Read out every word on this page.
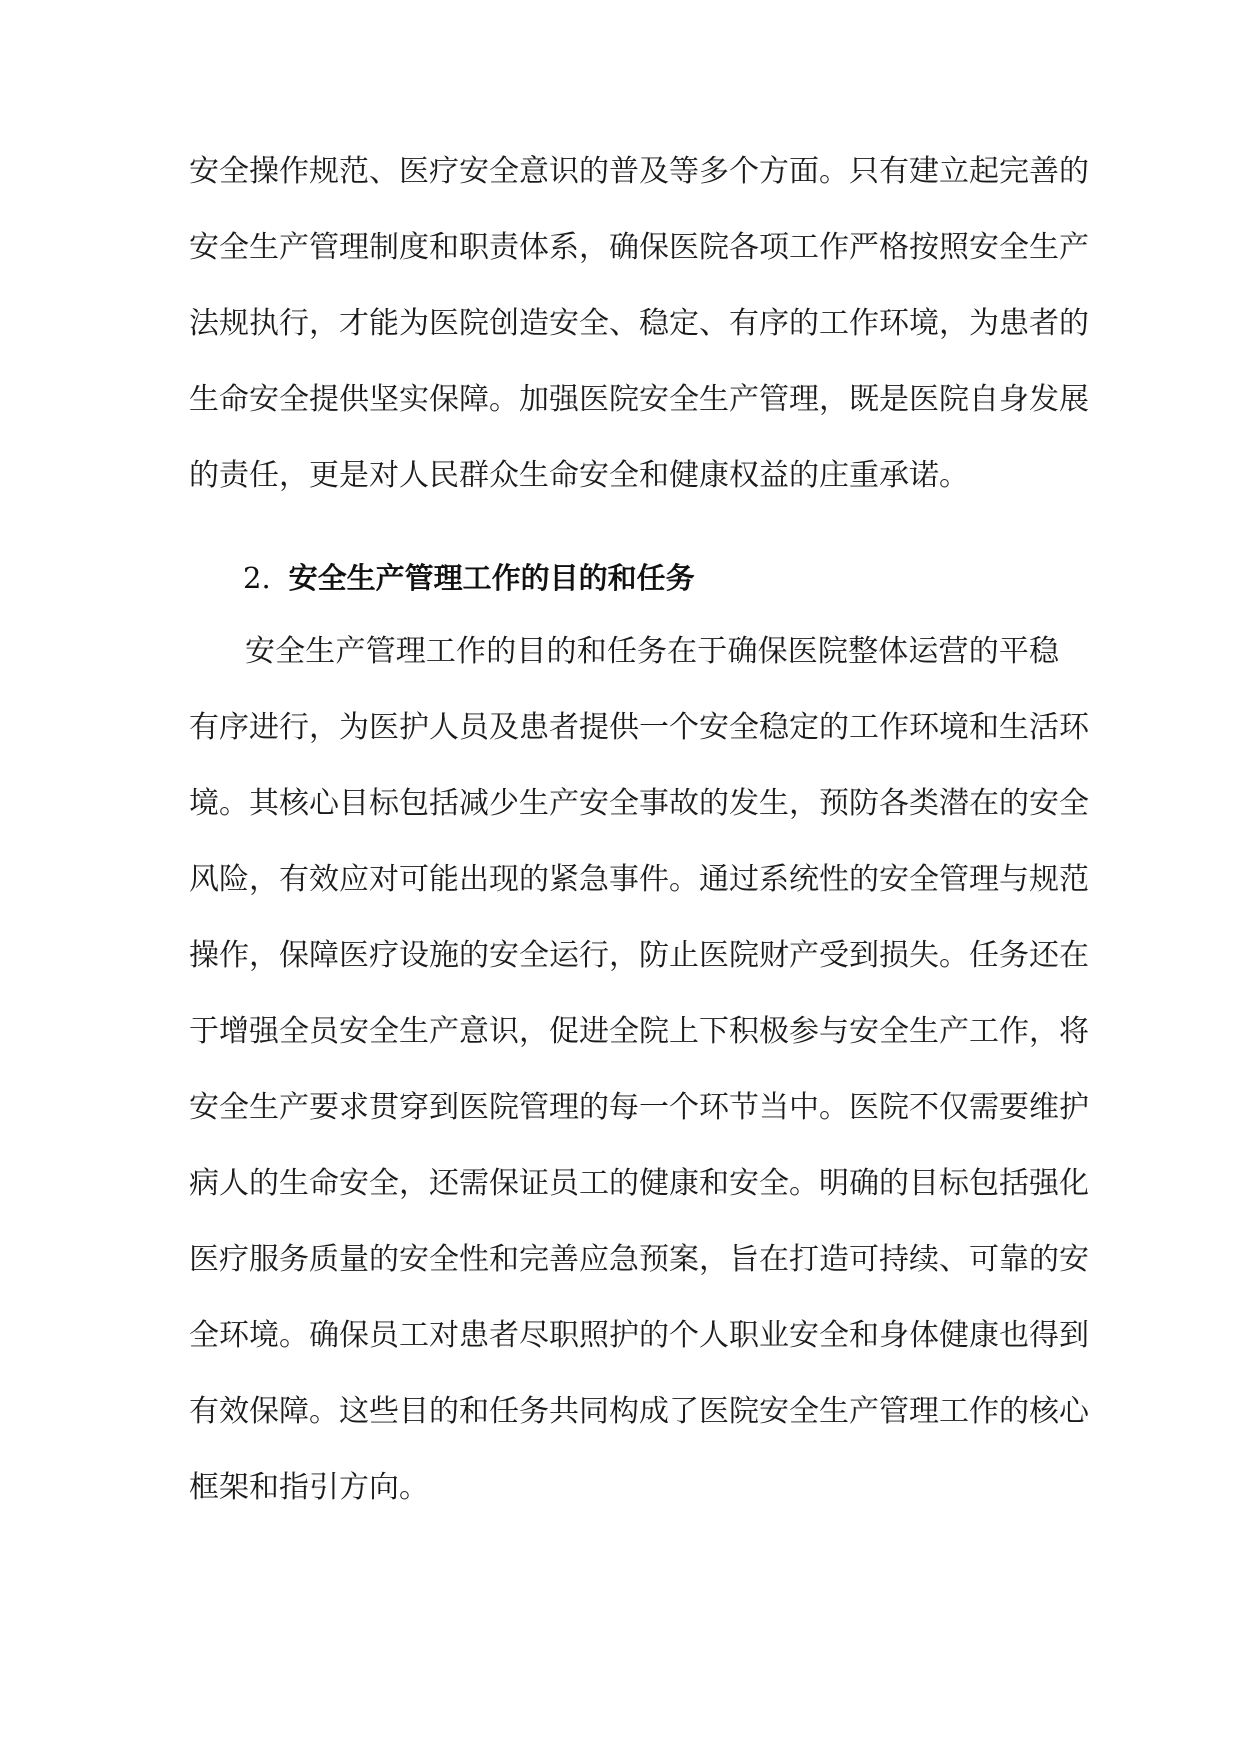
安全操作规范、医疗安全意识的普及等多个方面。只有建立起完善的
安全生产管理制度和职责体系，确保医院各项工作严格按照安全生产
法规执行，才能为医院创造安全、稳定、有序的工作环境，为患者的
生命安全提供坚实保障。加强医院安全生产管理，既是医院自身发展
的责任，更是对人民群众生命安全和健康权益的庄重承诺。
2. 安全生产管理工作的目的和任务
安全生产管理工作的目的和任务在于确保医院整体运营的平稳
有序进行，为医护人员及患者提供一个安全稳定的工作环境和生活环
境。其核心目标包括减少生产安全事故的发生，预防各类潜在的安全
风险，有效应对可能出现的紧急事件。通过系统性的安全管理与规范
操作，保障医疗设施的安全运行，防止医院财产受到损失。任务还在
于增强全员安全生产意识，促进全院上下积极参与安全生产工作，将
安全生产要求贯穿到医院管理的每一个环节当中。医院不仅需要维护
病人的生命安全，还需保证员工的健康和安全。明确的目标包括强化
医疗服务质量的安全性和完善应急预案，旨在打造可持续、可靠的安
全环境。确保员工对患者尽职照护的个人职业安全和身体健康也得到
有效保障。这些目的和任务共同构成了医院安全生产管理工作的核心
框架和指引方向。
